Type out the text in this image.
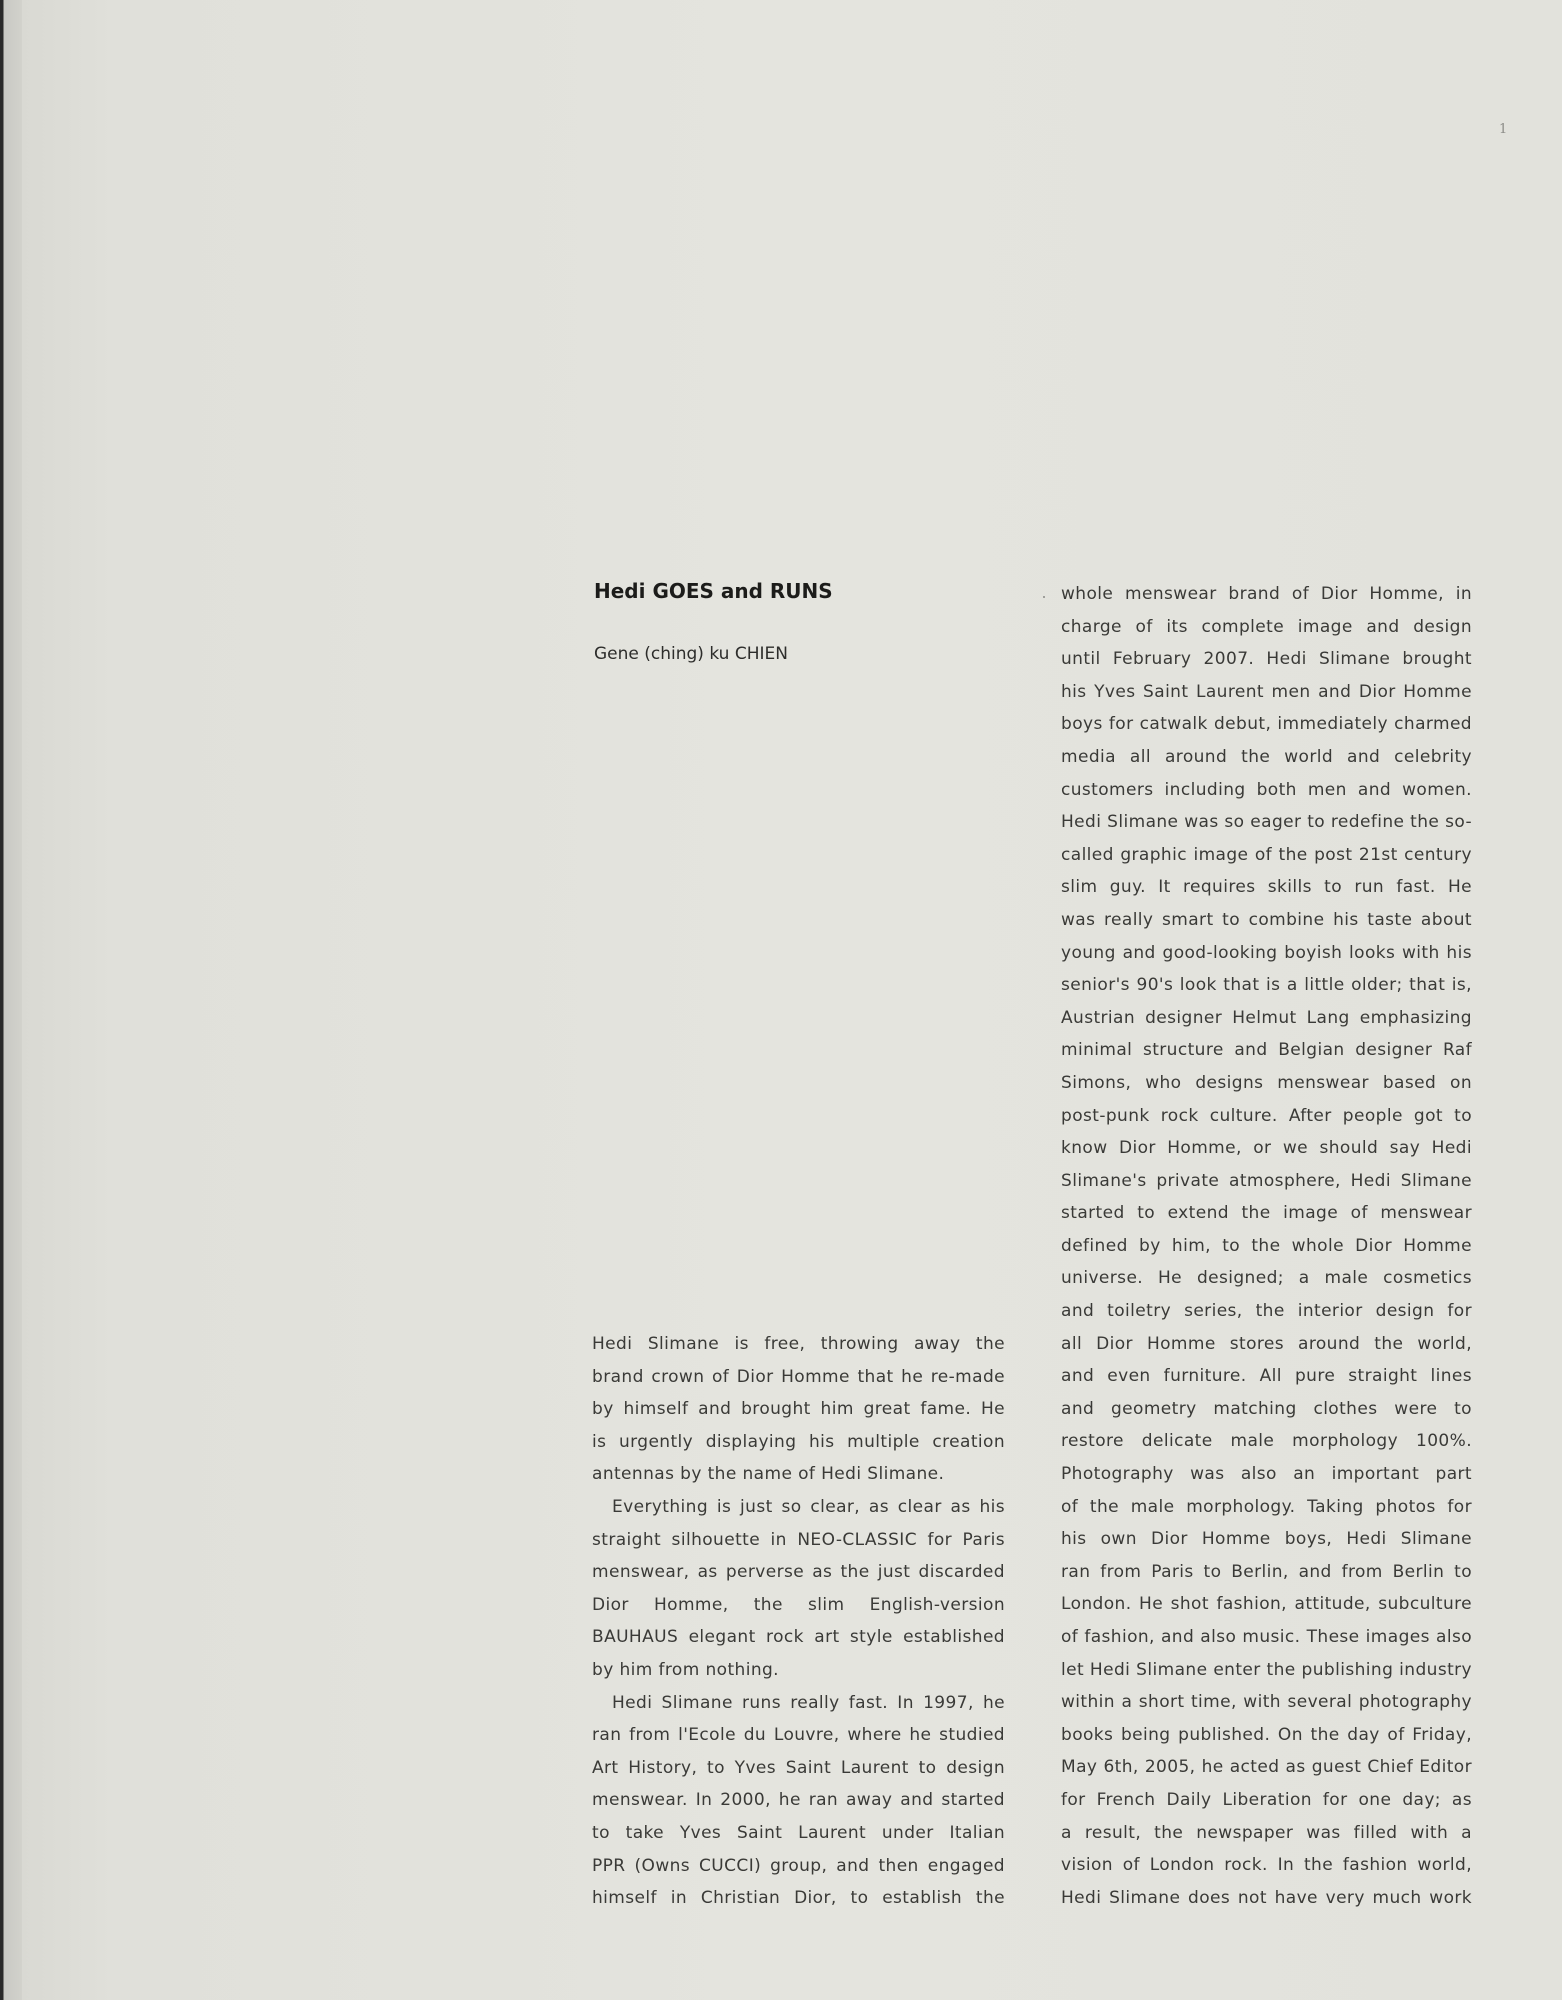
1
Hedi GOES and RUNS
Gene (ching) ku CHIEN
Hedi Slimane is free, throwing away the
brand crown of Dior Homme that he re-made
by himself and brought him great fame. He
is urgently displaying his multiple creation
antennas by the name of Hedi Slimane.
Everything is just so clear, as clear as his
straight silhouette in NEO-CLASSIC for Paris
menswear, as perverse as the just discarded
Dior Homme, the slim English-version
BAUHAUS elegant rock art style established
by him from nothing.
Hedi Slimane runs really fast. In 1997, he
ran from l'Ecole du Louvre, where he studied
Art History, to Yves Saint Laurent to design
menswear. In 2000, he ran away and started
to take Yves Saint Laurent under Italian
PPR (Owns CUCCI) group, and then engaged
himself in Christian Dior, to establish the
whole menswear brand of Dior Homme, in
charge of its complete image and design
until February 2007. Hedi Slimane brought
his Yves Saint Laurent men and Dior Homme
boys for catwalk debut, immediately charmed
media all around the world and celebrity
customers including both men and women.
Hedi Slimane was so eager to redefine the so-
called graphic image of the post 21st century
slim guy. It requires skills to run fast. He
was really smart to combine his taste about
young and good-looking boyish looks with his
senior's 90's look that is a little older; that is,
Austrian designer Helmut Lang emphasizing
minimal structure and Belgian designer Raf
Simons, who designs menswear based on
post-punk rock culture. After people got to
know Dior Homme, or we should say Hedi
Slimane's private atmosphere, Hedi Slimane
started to extend the image of menswear
defined by him, to the whole Dior Homme
universe. He designed; a male cosmetics
and toiletry series, the interior design for
all Dior Homme stores around the world,
and even furniture. All pure straight lines
and geometry matching clothes were to
restore delicate male morphology 100%.
Photography was also an important part
of the male morphology. Taking photos for
his own Dior Homme boys, Hedi Slimane
ran from Paris to Berlin, and from Berlin to
London. He shot fashion, attitude, subculture
of fashion, and also music. These images also
let Hedi Slimane enter the publishing industry
within a short time, with several photography
books being published. On the day of Friday,
May 6th, 2005, he acted as guest Chief Editor
for French Daily Liberation for one day; as
a result, the newspaper was filled with a
vision of London rock. In the fashion world,
Hedi Slimane does not have very much work
